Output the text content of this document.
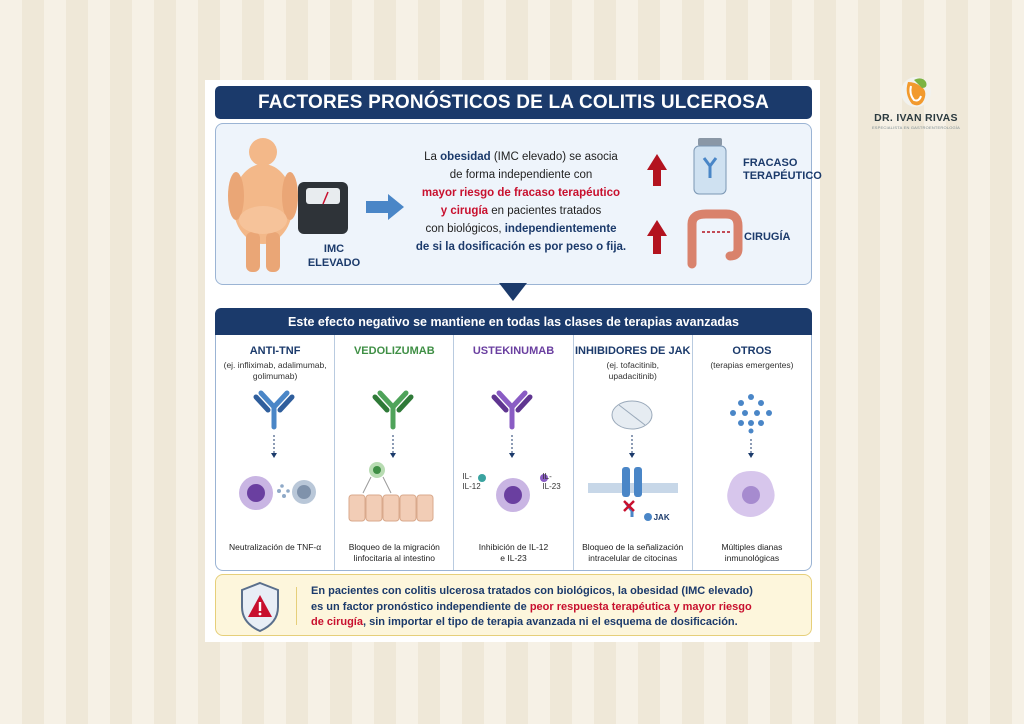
DR. IVAN RIVAS
ESPECIALISTA EN GASTROENTEROLOGÍA
FACTORES PRONÓSTICOS DE LA COLITIS ULCEROSA
IMC
ELEVADO
La obesidad (IMC elevado) se asocia
de forma independiente con
mayor riesgo de fracaso terapéutico
y cirugía en pacientes tratados
con biológicos, independientemente
de si la dosificación es por peso o fija.
FRACASO
TERAPÉUTICO
CIRUGÍA
Este efecto negativo se mantiene en todas las clases de terapias avanzadas
ANTI-TNF
(ej. infliximab, adalimumab,
golimumab)
Neutralización de TNF-α
VEDOLIZUMAB
Bloqueo de la migración
linfocitaria al intestino
USTEKINUMAB
IL-
IL-12
IL-
IL-23
Inhibición de IL-12
e IL-23
INHIBIDORES DE JAK
(ej. tofacitinib,
upadacitinib)
JAK
Bloqueo de la señalización
intracelular de citocinas
OTROS
(terapias emergentes)
Múltiples dianas
inmunológicas
En pacientes con colitis ulcerosa tratados con biológicos, la obesidad (IMC elevado)
es un factor pronóstico independiente de peor respuesta terapéutica y mayor riesgo
de cirugía, sin importar el tipo de terapia avanzada ni el esquema de dosificación.
